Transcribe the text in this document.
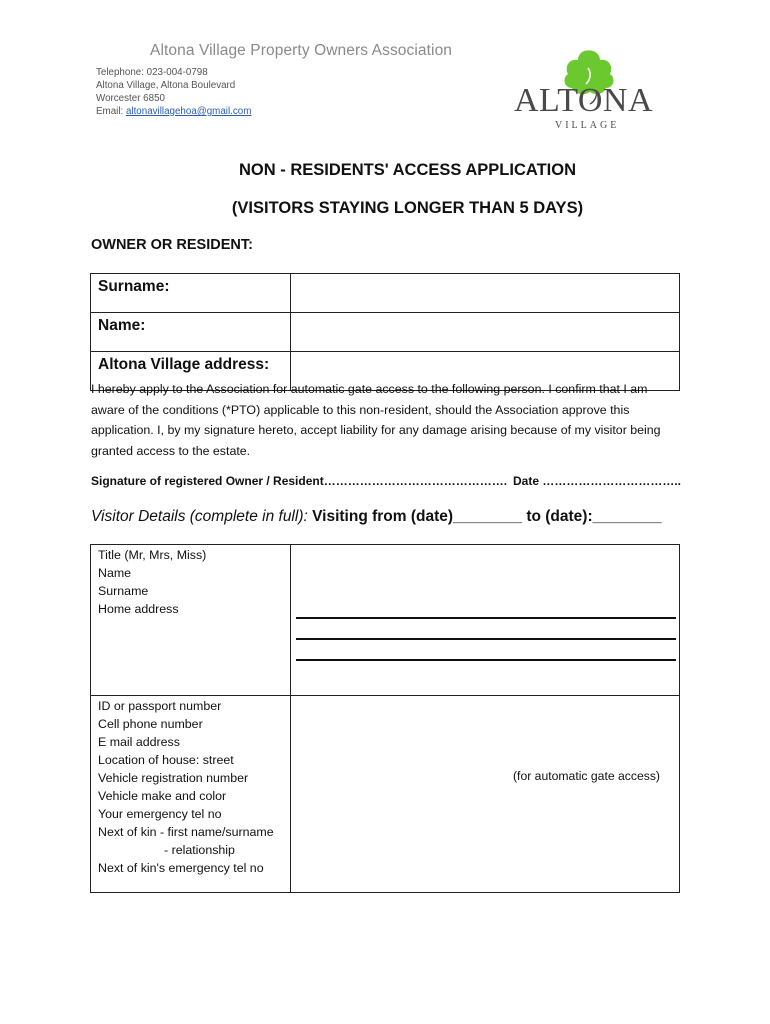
Altona Village Property Owners Association
Telephone: 023-004-0798
Altona Village, Altona Boulevard
Worcester 6850
Email: altonavillagehoa@gmail.com	ALTONA
VILLAGE
NON - RESIDENTS' ACCESS APPLICATION
(VISITORS STAYING LONGER THAN 5 DAYS)
OWNER OR RESIDENT:
Surname:	
Name:	
Altona Village address:	
I hereby apply to the Association for automatic gate access to the following person. I confirm that I am aware of the conditions (*PTO) applicable to this non-resident, should the Association approve this application. I, by my signature hereto, accept liability for any damage arising because of my visitor being granted access to the estate.
Signature of registered Owner / Resident………………………………………. Date ……………………………..
Visitor Details (complete in full): Visiting from (date)________ to (date):________
Title (Mr, Mrs, Miss)
Name
Surname
Home address
ID or passport number
Cell phone number
E mail address
Location of house: street
Vehicle registration number	(for automatic gate access)
Vehicle make and color
Your emergency tel no
Next of kin - first name/surname
- relationship
Next of kin's emergency tel no
